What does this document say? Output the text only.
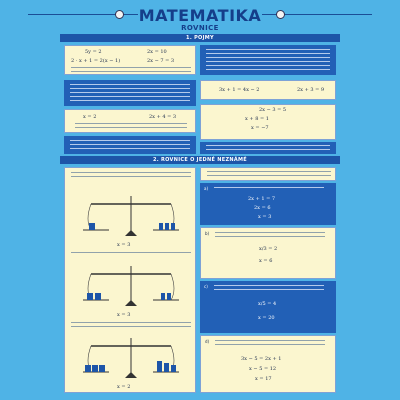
MATEMATIKA
ROVNICE
1. POJMY
5y = 2
2 · x + 1 = 2(x − 1)	2x − 7 = 3
2x = 10
3x + 1 = 4x − 2	2x + 3 = 9
x = 2	2x + 4 = 3
2x − 3 = 5
x + 8 = 1
x = −7
2. ROVNICE O JEDNÉ NEZNÁMÉ
x = 3
x = 3
x = 2
a)
2x + 1 = 7
2x = 6
x = 3
b)
x/3 = 2
x = 6
c)
x/5 = 4
x = 20
d)
3x − 5 = 2x + 1
x − 5 = 12
x = 17
